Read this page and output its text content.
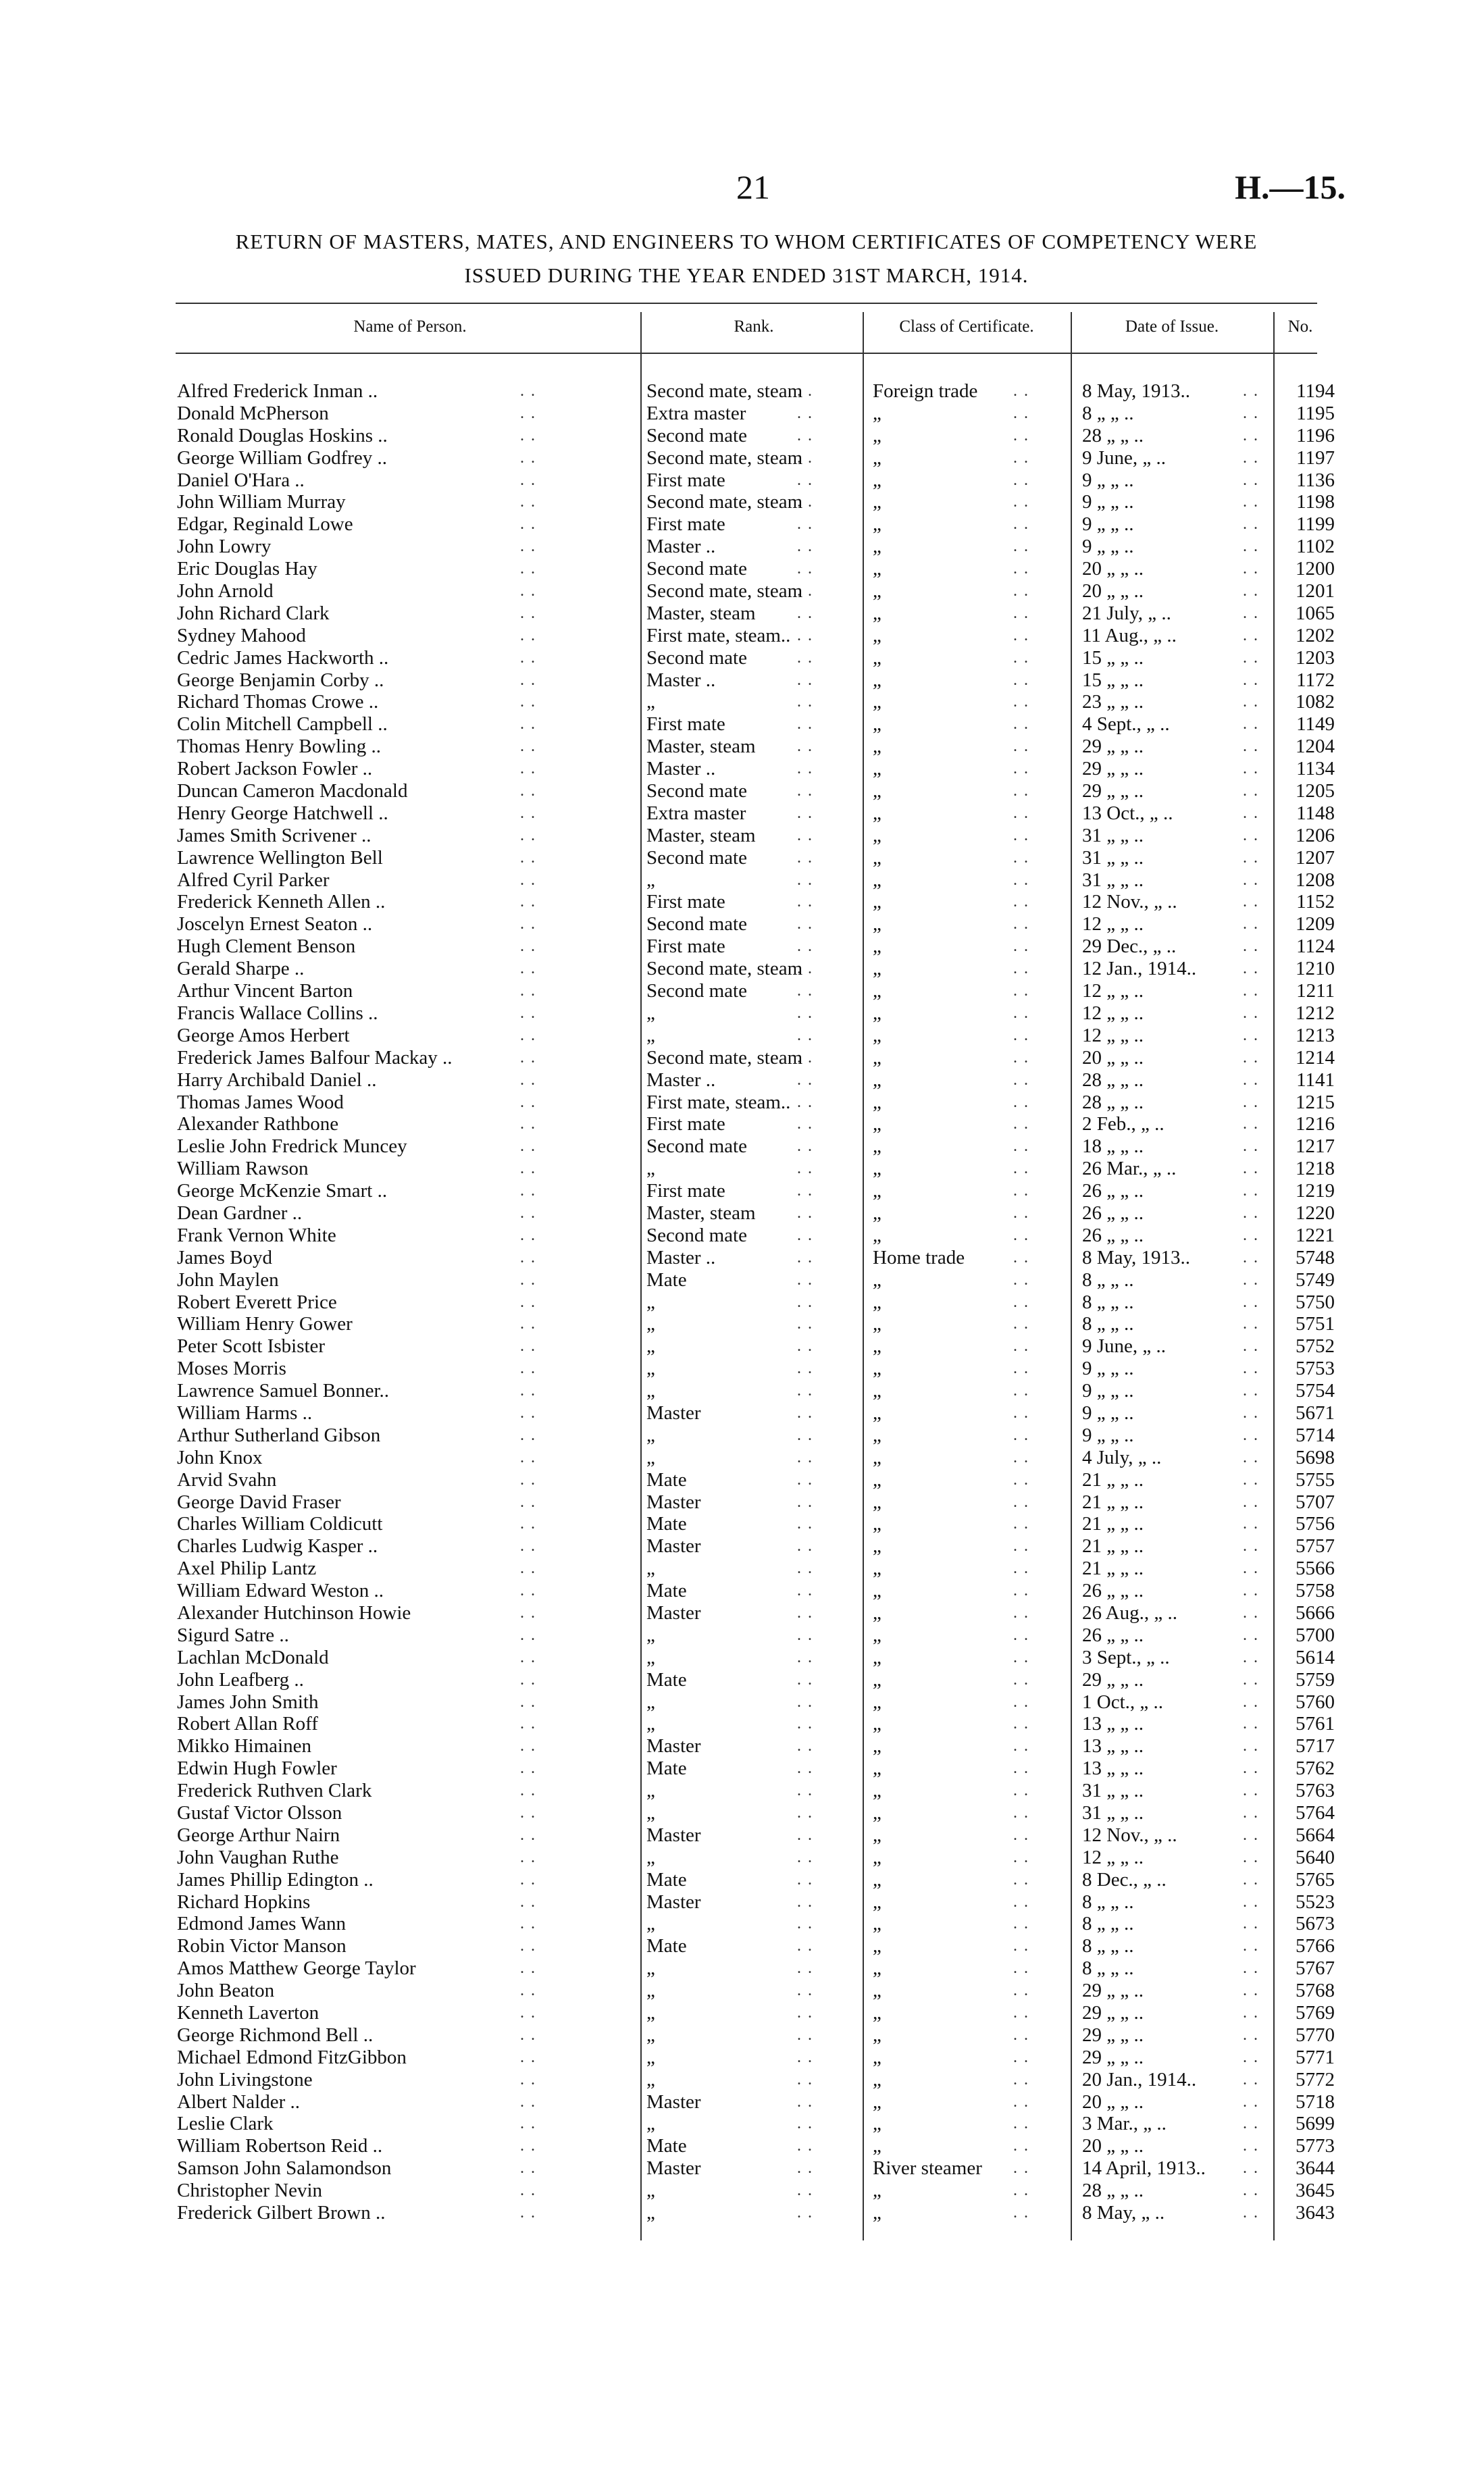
21	H.—15.
RETURN OF MASTERS, MATES, AND ENGINEERS TO WHOM CERTIFICATES OF COMPETENCY WERE
ISSUED DURING THE YEAR ENDED 31ST MARCH, 1914.
Name of Person.	Rank.	Class of Certificate.	Date of Issue.	No.
Alfred Frederick Inman ..	Second mate, steam	Foreign trade	8 May, 1913..	1194
..	..	..	..
Donald McPherson	Extra master	„	8 „ „ ..	1195
..	..	..	..
Ronald Douglas Hoskins ..	Second mate	„	28 „ „ ..	1196
..	..	..	..
George William Godfrey ..	Second mate, steam	„	9 June, „ ..	1197
..	..	..	..
Daniel O'Hara ..	First mate	„	9 „ „ ..	1136
..	..	..	..
John William Murray	Second mate, steam	„	9 „ „ ..	1198
..	..	..	..
Edgar, Reginald Lowe	First mate	„	9 „ „ ..	1199
..	..	..	..
John Lowry	Master ..	„	9 „ „ ..	1102
..	..	..	..
Eric Douglas Hay	Second mate	„	20 „ „ ..	1200
..	..	..	..
John Arnold	Second mate, steam	„	20 „ „ ..	1201
..	..	..	..
John Richard Clark	Master, steam	„	21 July, „ ..	1065
..	..	..	..
Sydney Mahood	First mate, steam..	„	11 Aug., „ ..	1202
..	..	..	..
Cedric James Hackworth ..	Second mate	„	15 „ „ ..	1203
..	..	..	..
George Benjamin Corby ..	Master ..	„	15 „ „ ..	1172
..	..	..	..
Richard Thomas Crowe ..	„	„	23 „ „ ..	1082
..	..	..	..
Colin Mitchell Campbell ..	First mate	„	4 Sept., „ ..	1149
..	..	..	..
Thomas Henry Bowling ..	Master, steam	„	29 „ „ ..	1204
..	..	..	..
Robert Jackson Fowler ..	Master ..	„	29 „ „ ..	1134
..	..	..	..
Duncan Cameron Macdonald	Second mate	„	29 „ „ ..	1205
..	..	..	..
Henry George Hatchwell ..	Extra master	„	13 Oct., „ ..	1148
..	..	..	..
James Smith Scrivener ..	Master, steam	„	31 „ „ ..	1206
..	..	..	..
Lawrence Wellington Bell	Second mate	„	31 „ „ ..	1207
..	..	..	..
Alfred Cyril Parker	„	„	31 „ „ ..	1208
..	..	..	..
Frederick Kenneth Allen ..	First mate	„	12 Nov., „ ..	1152
..	..	..	..
Joscelyn Ernest Seaton ..	Second mate	„	12 „ „ ..	1209
..	..	..	..
Hugh Clement Benson	First mate	„	29 Dec., „ ..	1124
..	..	..	..
Gerald Sharpe ..	Second mate, steam	„	12 Jan., 1914..	1210
..	..	..	..
Arthur Vincent Barton	Second mate	„	12 „ „ ..	1211
..	..	..	..
Francis Wallace Collins ..	„	„	12 „ „ ..	1212
..	..	..	..
George Amos Herbert	„	„	12 „ „ ..	1213
..	..	..	..
Frederick James Balfour Mackay ..	Second mate, steam	„	20 „ „ ..	1214
..	..	..	..
Harry Archibald Daniel ..	Master ..	„	28 „ „ ..	1141
..	..	..	..
Thomas James Wood	First mate, steam..	„	28 „ „ ..	1215
..	..	..	..
Alexander Rathbone	First mate	„	2 Feb., „ ..	1216
..	..	..	..
Leslie John Fredrick Muncey	Second mate	„	18 „ „ ..	1217
..	..	..	..
William Rawson	„	„	26 Mar., „ ..	1218
..	..	..	..
George McKenzie Smart ..	First mate	„	26 „ „ ..	1219
..	..	..	..
Dean Gardner ..	Master, steam	„	26 „ „ ..	1220
..	..	..	..
Frank Vernon White	Second mate	„	26 „ „ ..	1221
..	..	..	..
James Boyd	Master ..	Home trade	8 May, 1913..	5748
..	..	..	..
John Maylen	Mate	„	8 „ „ ..	5749
..	..	..	..
Robert Everett Price	„	„	8 „ „ ..	5750
..	..	..	..
William Henry Gower	„	„	8 „ „ ..	5751
..	..	..	..
Peter Scott Isbister	„	„	9 June, „ ..	5752
..	..	..	..
Moses Morris	„	„	9 „ „ ..	5753
..	..	..	..
Lawrence Samuel Bonner..	„	„	9 „ „ ..	5754
..	..	..	..
William Harms ..	Master	„	9 „ „ ..	5671
..	..	..	..
Arthur Sutherland Gibson	„	„	9 „ „ ..	5714
..	..	..	..
John Knox	„	„	4 July, „ ..	5698
..	..	..	..
Arvid Svahn	Mate	„	21 „ „ ..	5755
..	..	..	..
George David Fraser	Master	„	21 „ „ ..	5707
..	..	..	..
Charles William Coldicutt	Mate	„	21 „ „ ..	5756
..	..	..	..
Charles Ludwig Kasper ..	Master	„	21 „ „ ..	5757
..	..	..	..
Axel Philip Lantz	„	„	21 „ „ ..	5566
..	..	..	..
William Edward Weston ..	Mate	„	26 „ „ ..	5758
..	..	..	..
Alexander Hutchinson Howie	Master	„	26 Aug., „ ..	5666
..	..	..	..
Sigurd Satre ..	„	„	26 „ „ ..	5700
..	..	..	..
Lachlan McDonald	„	„	3 Sept., „ ..	5614
..	..	..	..
John Leafberg ..	Mate	„	29 „ „ ..	5759
..	..	..	..
James John Smith	„	„	1 Oct., „ ..	5760
..	..	..	..
Robert Allan Roff	„	„	13 „ „ ..	5761
..	..	..	..
Mikko Himainen	Master	„	13 „ „ ..	5717
..	..	..	..
Edwin Hugh Fowler	Mate	„	13 „ „ ..	5762
..	..	..	..
Frederick Ruthven Clark	„	„	31 „ „ ..	5763
..	..	..	..
Gustaf Victor Olsson	„	„	31 „ „ ..	5764
..	..	..	..
George Arthur Nairn	Master	„	12 Nov., „ ..	5664
..	..	..	..
John Vaughan Ruthe	„	„	12 „ „ ..	5640
..	..	..	..
James Phillip Edington ..	Mate	„	8 Dec., „ ..	5765
..	..	..	..
Richard Hopkins	Master	„	8 „ „ ..	5523
..	..	..	..
Edmond James Wann	„	„	8 „ „ ..	5673
..	..	..	..
Robin Victor Manson	Mate	„	8 „ „ ..	5766
..	..	..	..
Amos Matthew George Taylor	„	„	8 „ „ ..	5767
..	..	..	..
John Beaton	„	„	29 „ „ ..	5768
..	..	..	..
Kenneth Laverton	„	„	29 „ „ ..	5769
..	..	..	..
George Richmond Bell ..	„	„	29 „ „ ..	5770
..	..	..	..
Michael Edmond FitzGibbon	„	„	29 „ „ ..	5771
..	..	..	..
John Livingstone	„	„	20 Jan., 1914..	5772
..	..	..	..
Albert Nalder ..	Master	„	20 „ „ ..	5718
..	..	..	..
Leslie Clark	„	„	3 Mar., „ ..	5699
..	..	..	..
William Robertson Reid ..	Mate	„	20 „ „ ..	5773
..	..	..	..
Samson John Salamondson	Master	River steamer	14 April, 1913..	3644
..	..	..	..
Christopher Nevin	„	„	28 „ „ ..	3645
..	..	..	..
Frederick Gilbert Brown ..	„	„	8 May, „ ..	3643
..	..	..	..
